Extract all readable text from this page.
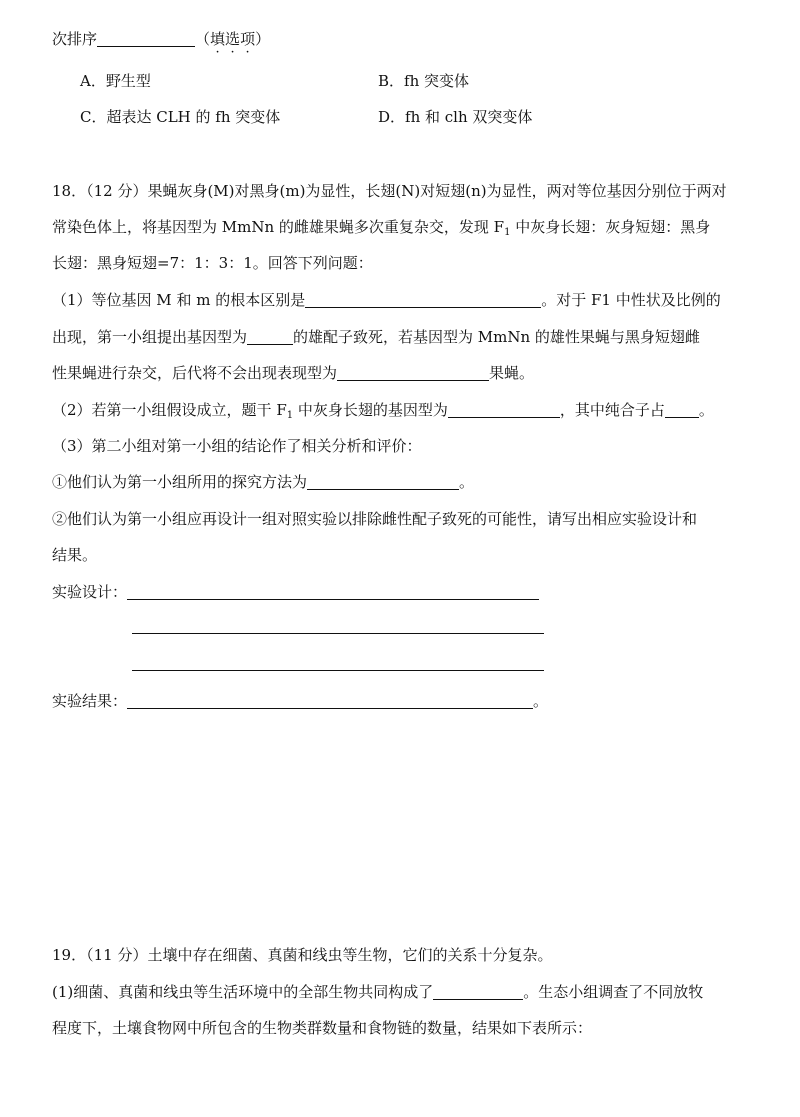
次排序	（填选项）
A．野生型	B．fh 突变体
C．超表达 CLH 的 fh 突变体	D．fh 和 clh 双突变体
18．（12 分）果蝇灰身(M)对黑身(m)为显性，长翅(N)对短翅(n)为显性，两对等位基因分别位于两对
常染色体上，将基因型为 MmNn 的雌雄果蝇多次重复杂交，发现 $F_1$ 中灰身长翅：灰身短翅：黑身
长翅：黑身短翅=7：1：3：1。回答下列问题：
（1）等位基因 M 和 m 的根本区别是	。对于 F1 中性状及比例的
出现，第一小组提出基因型为	的雄配子致死，若基因型为 MmNn 的雄性果蝇与黑身短翅雌
性果蝇进行杂交，后代将不会出现表现型为	果蝇。
（2）若第一小组假设成立，题干 $F_1$ 中灰身长翅的基因型为	，其中纯合子占 。
（3）第二小组对第一小组的结论作了相关分析和评价：
①他们认为第一小组所用的探究方法为	。
②他们认为第一小组应再设计一组对照实验以排除雌性配子致死的可能性，请写出相应实验设计和
结果。
实验设计：
实验结果：	。
19．（11 分）土壤中存在细菌、真菌和线虫等生物，它们的关系十分复杂。
(1)细菌、真菌和线虫等生活环境中的全部生物共同构成了	。生态小组调查了不同放牧
程度下，土壤食物网中所包含的生物类群数量和食物链的数量，结果如下表所示：
